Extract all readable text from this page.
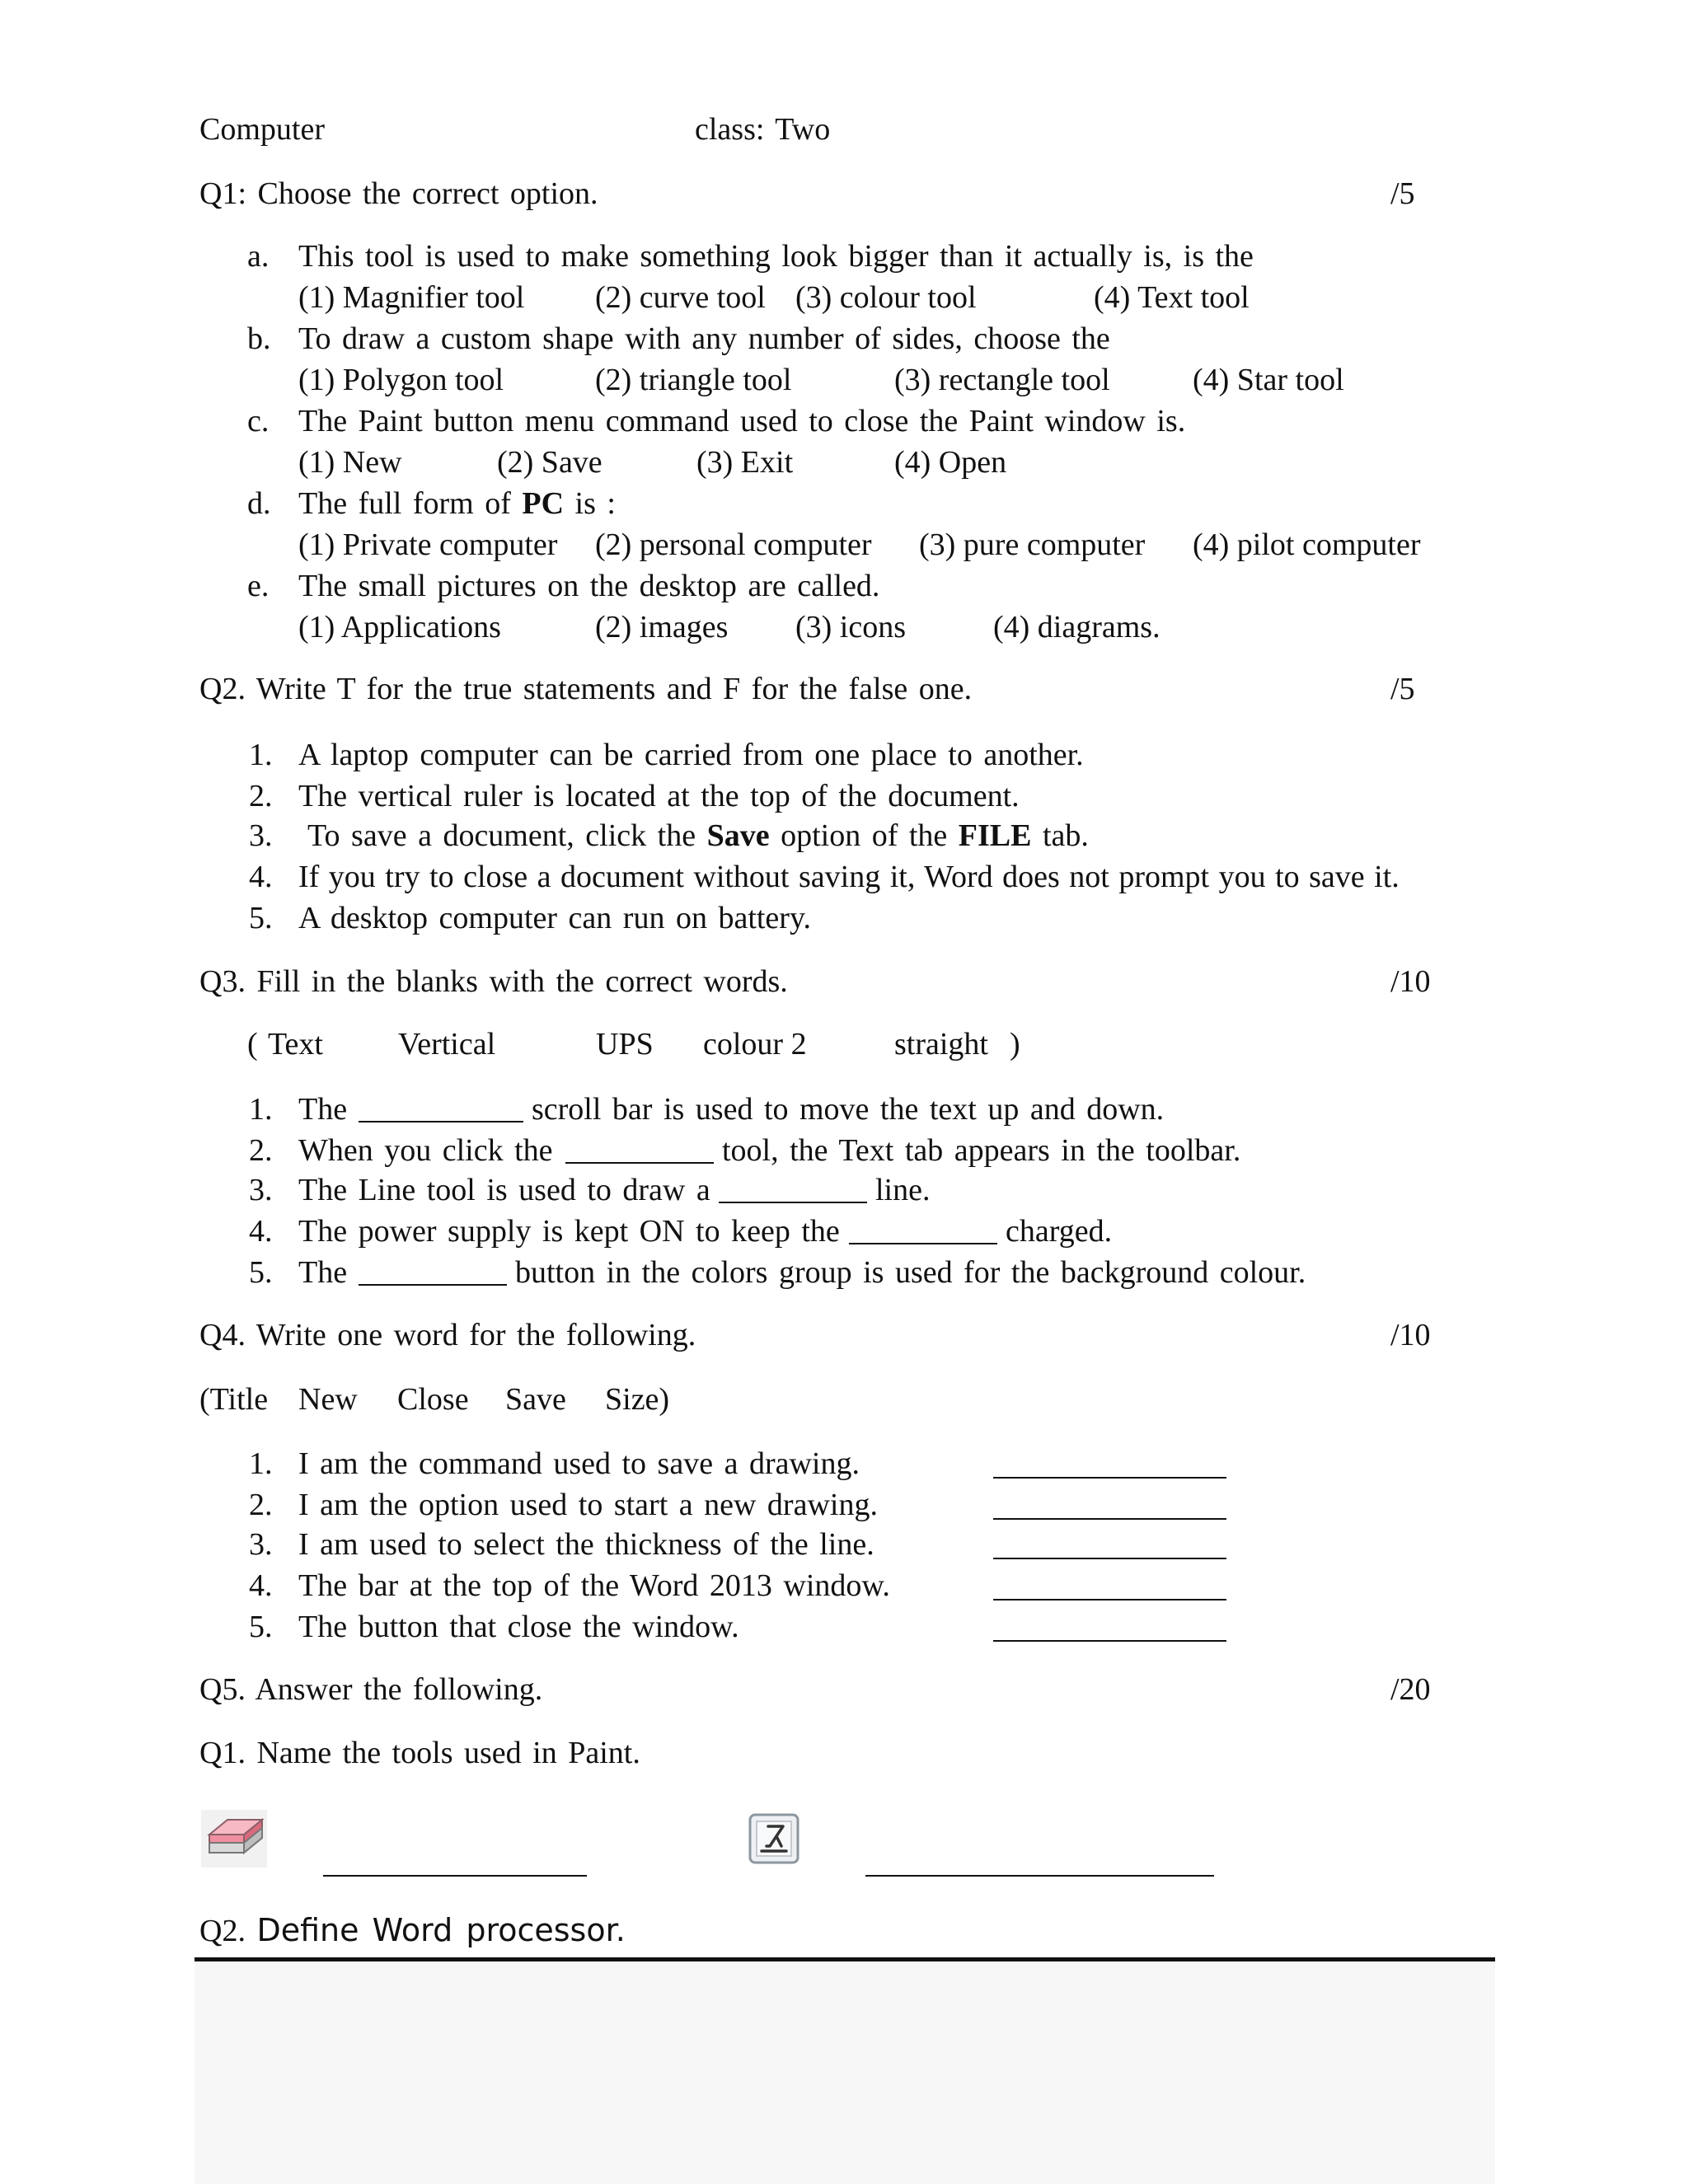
Computer	class: Two
Q1: Choose the correct option.	/5
a. This tool is used to make something look bigger than it actually is, is the
(1) Magnifier tool (2) curve tool (3) colour tool	(4) Text tool
b. To draw a custom shape with any number of sides, choose the
(1) Polygon tool	(2) triangle tool	(3) rectangle tool	(4) Star tool
c. The Paint button menu command used to close the Paint window is.
(1) New	(2) Save	(3) Exit	(4) Open
d. The full form of PC is :
(1) Private computer (2) personal computer (3) pure computer (4) pilot computer
e. The small pictures on the desktop are called.
(1) Applications	(2) images (3) icons	(4) diagrams.
Q2. Write T for the true statements and F for the false one.	/5
1. A laptop computer can be carried from one place to another.
2. The vertical ruler is located at the top of the document.
3. To save a document, click the Save option of the FILE tab.
4. If you try to close a document without saving it, Word does not prompt you to save it.
5. A desktop computer can run on battery.
Q3. Fill in the blanks with the correct words.	/10
( Text Vertical	UPS colour 2	straight )
1. The	scroll bar is used to move the text up and down.
2. When you click the	tool, the Text tab appears in the toolbar.
3. The Line tool is used to draw a	line.
4. The power supply is kept ON to keep the	charged.
5. The	button in the colors group is used for the background colour.
Q4. Write one word for the following.	/10
(Title New Close Save Size)
1. I am the command used to save a drawing.
2. I am the option used to start a new drawing.
3. I am used to select the thickness of the line.
4. The bar at the top of the Word 2013 window.
5. The button that close the window.
Q5. Answer the following.	/20
Q1. Name the tools used in Paint.
Q2. Define Word processor.
